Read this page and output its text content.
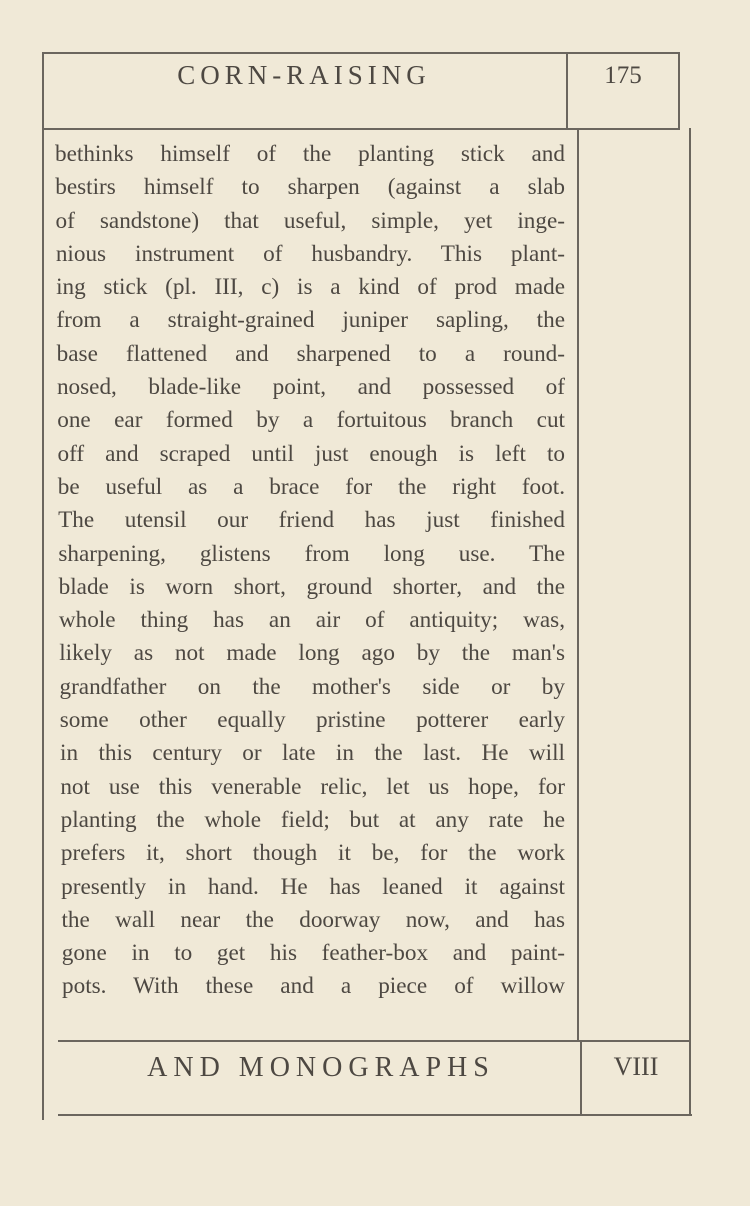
CORN-RAISING	175
bethinks himself of the planting stick and
bestirs himself to sharpen (against a slab
of sandstone) that useful, simple, yet inge-
nious instrument of husbandry. This plant-
ing stick (pl. III, c) is a kind of prod made
from a straight-grained juniper sapling, the
base flattened and sharpened to a round-
nosed, blade-like point, and possessed of
one ear formed by a fortuitous branch cut
off and scraped until just enough is left to
be useful as a brace for the right foot.
The utensil our friend has just finished
sharpening, glistens from long use. The
blade is worn short, ground shorter, and the
whole thing has an air of antiquity; was,
likely as not made long ago by the man's
grandfather on the mother's side or by
some other equally pristine potterer early
in this century or late in the last. He will
not use this venerable relic, let us hope, for
planting the whole field; but at any rate he
prefers it, short though it be, for the work
presently in hand. He has leaned it against
the wall near the doorway now, and has
gone in to get his feather-box and paint-
pots. With these and a piece of willow
AND MONOGRAPHS	VIII
